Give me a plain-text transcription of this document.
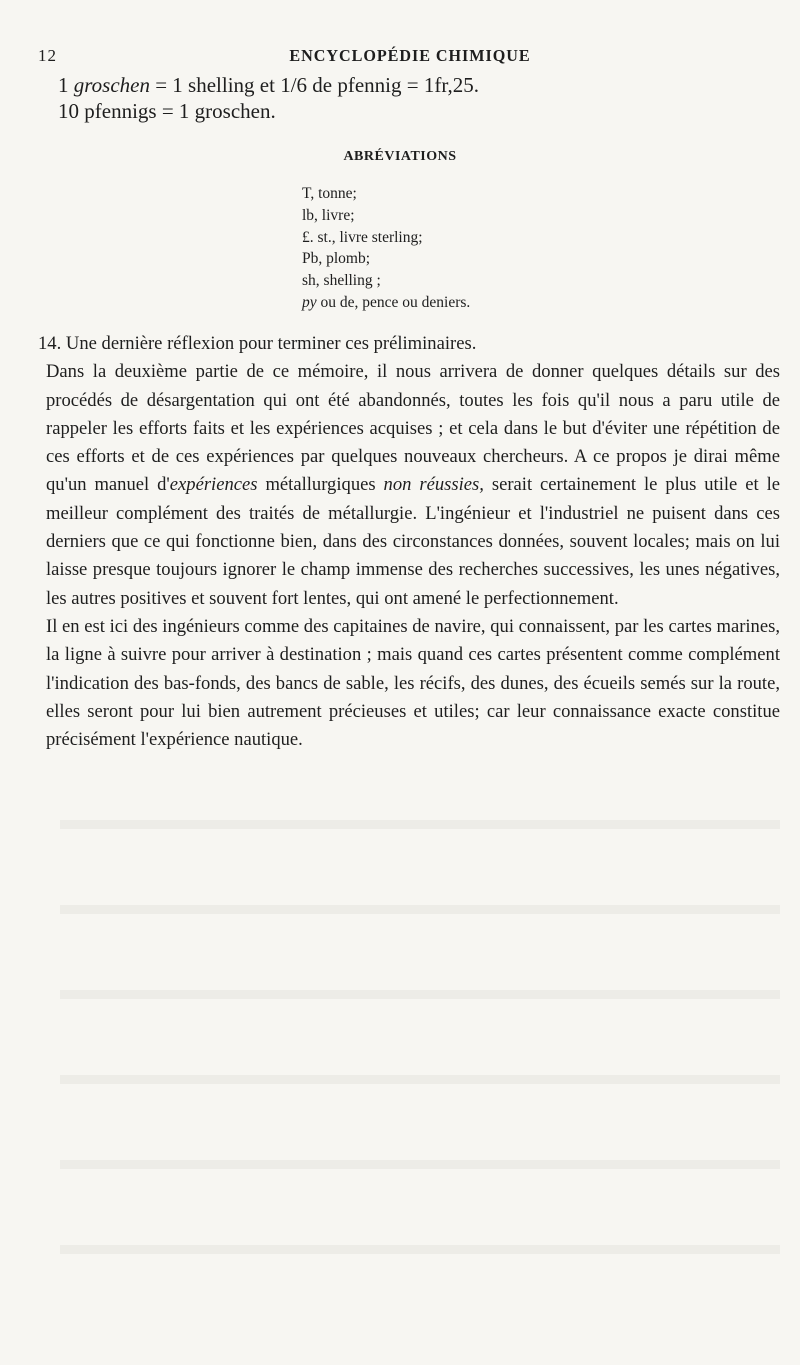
12	ENCYCLOPÉDIE CHIMIQUE
1 groschen = 1 shelling et 1/6 de pfennig = 1fr,25.
10 pfennigs = 1 groschen.
ABRÉVIATIONS
T, tonne;
lb, livre;
£. st., livre sterling;
Pb, plomb;
sh, shelling ;
py ou de, pence ou deniers.

14. Une dernière réflexion pour terminer ces préliminaires.

Dans la deuxième partie de ce mémoire, il nous arrivera de donner quelques détails sur des procédés de désargentation qui ont été abandonnés, toutes les fois qu'il nous a paru utile de rappeler les efforts faits et les expériences acquises ; et cela dans le but d'éviter une répétition de ces efforts et de ces expériences par quelques nouveaux chercheurs. A ce propos je dirai même qu'un manuel d'expériences métallurgiques non réussies, serait certainement le plus utile et le meilleur complément des traités de métallurgie. L'ingénieur et l'industriel ne puisent dans ces derniers que ce qui fonctionne bien, dans des circonstances données, souvent locales; mais on lui laisse presque toujours ignorer le champ immense des recherches successives, les unes négatives, les autres positives et souvent fort lentes, qui ont amené le perfectionnement.

Il en est ici des ingénieurs comme des capitaines de navire, qui connaissent, par les cartes marines, la ligne à suivre pour arriver à destination ; mais quand ces cartes présentent comme complément l'indication des bas-fonds, des bancs de sable, les récifs, des dunes, des écueils semés sur la route, elles seront pour lui bien autrement précieuses et utiles; car leur connaissance exacte constitue précisément l'expérience nautique.
